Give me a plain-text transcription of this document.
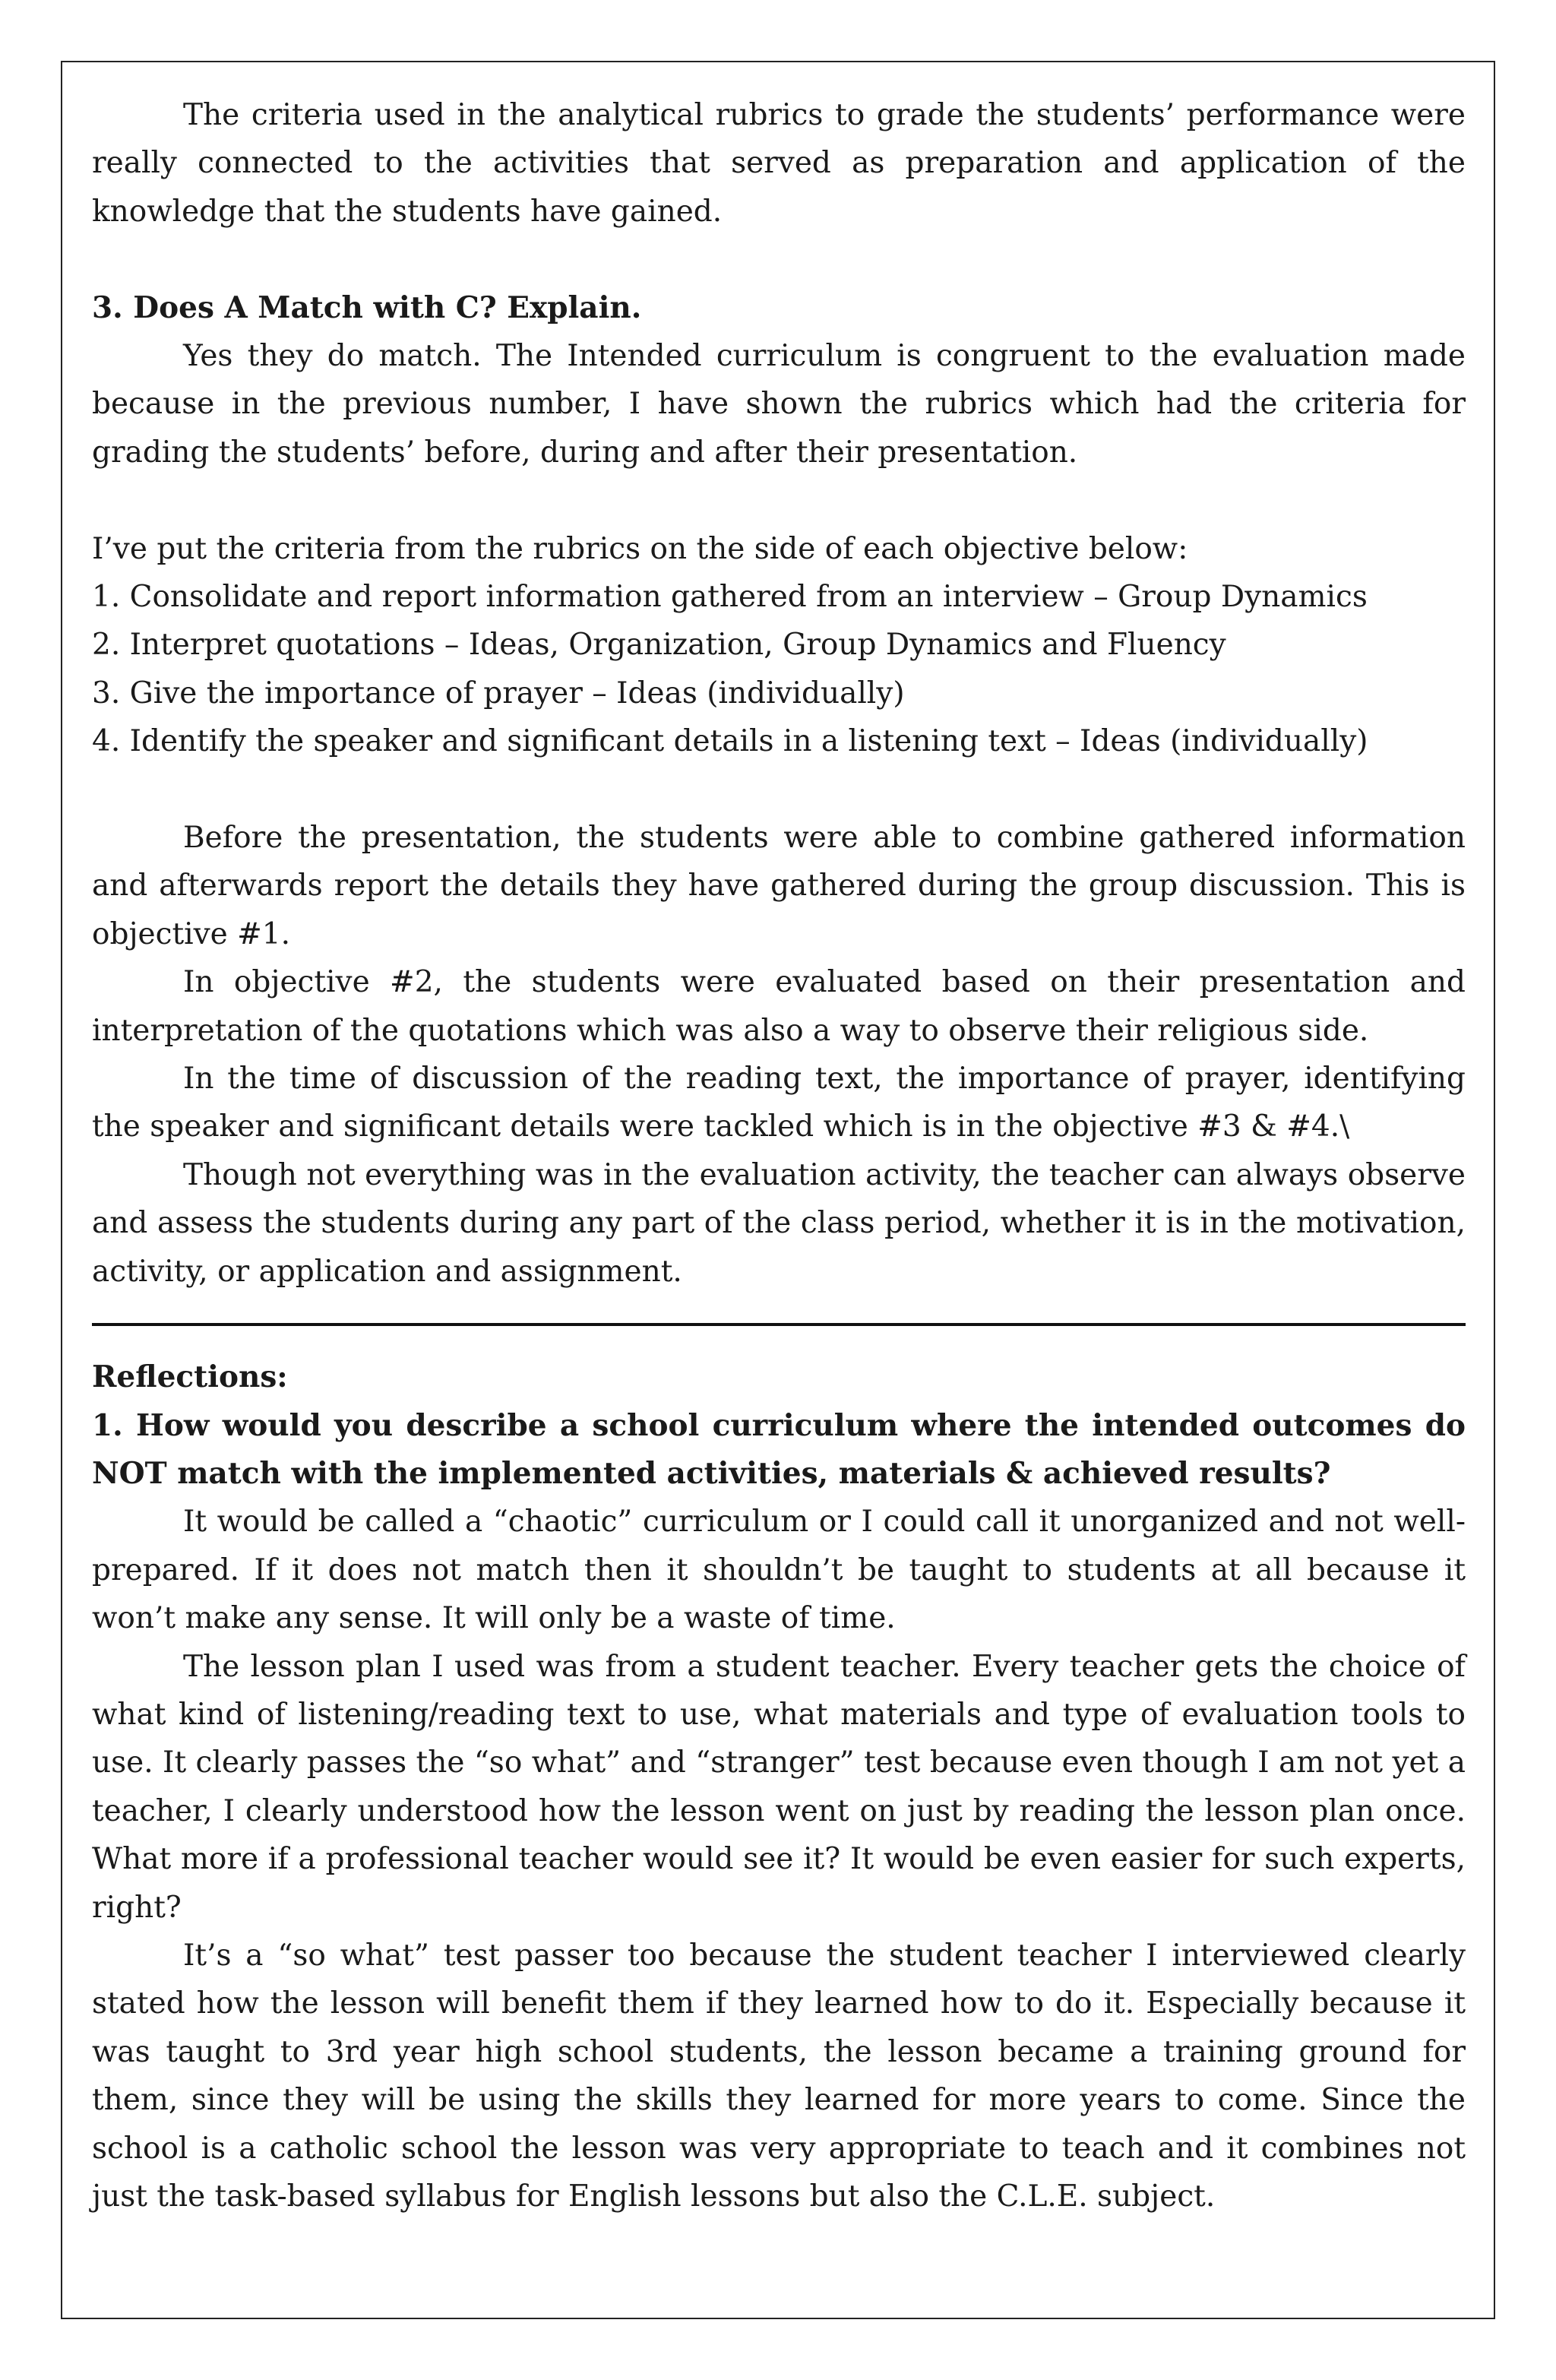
The criteria used in the analytical rubrics to grade the students’ performance were really connected to the activities that served as preparation and application of the knowledge that the students have gained.

3. Does A Match with C? Explain.

Yes they do match. The Intended curriculum is congruent to the evaluation made because in the previous number, I have shown the rubrics which had the criteria for grading the students’ before, during and after their presentation.

I’ve put the criteria from the rubrics on the side of each objective below:

1. Consolidate and report information gathered from an interview – Group Dynamics

2. Interpret quotations – Ideas, Organization, Group Dynamics and Fluency

3. Give the importance of prayer – Ideas (individually)

4. Identify the speaker and significant details in a listening text – Ideas (individually)

Before the presentation, the students were able to combine gathered information and afterwards report the details they have gathered during the group discussion. This is objective #1.

In objective #2, the students were evaluated based on their presentation and interpretation of the quotations which was also a way to observe their religious side.

In the time of discussion of the reading text, the importance of prayer, identifying the speaker and significant details were tackled which is in the objective #3 & #4.\

Though not everything was in the evaluation activity, the teacher can always observe and assess the students during any part of the class period, whether it is in the motivation, activity, or application and assignment.

Reflections:

1. How would you describe a school curriculum where the intended outcomes do NOT match with the implemented activities, materials & achieved results?

It would be called a “chaotic” curriculum or I could call it unorganized and not well-prepared. If it does not match then it shouldn’t be taught to students at all because it won’t make any sense. It will only be a waste of time.

The lesson plan I used was from a student teacher. Every teacher gets the choice of what kind of listening/reading text to use, what materials and type of evaluation tools to use. It clearly passes the “so what” and “stranger” test because even though I am not yet a teacher, I clearly understood how the lesson went on just by reading the lesson plan once. What more if a professional teacher would see it? It would be even easier for such experts, right?

It’s a “so what” test passer too because the student teacher I interviewed clearly stated how the lesson will benefit them if they learned how to do it. Especially because it was taught to 3rd year high school students, the lesson became a training ground for them, since they will be using the skills they learned for more years to come. Since the school is a catholic school the lesson was very appropriate to teach and it combines not just the task-based syllabus for English lessons but also the C.L.E. subject.
